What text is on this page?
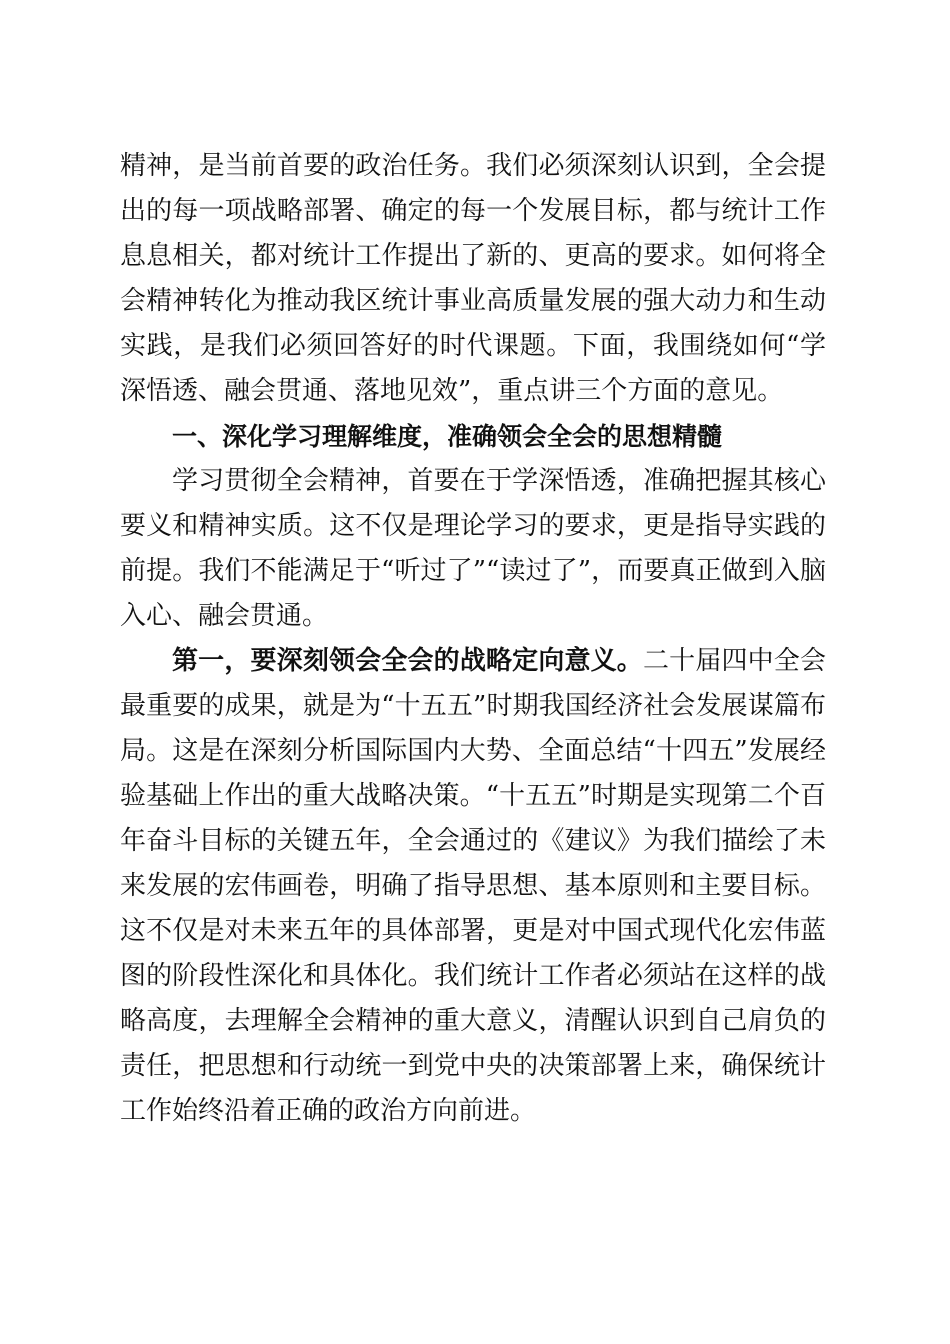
精神，是当前首要的政治任务。我们必须深刻认识到，全会提出的每一项战略部署、确定的每一个发展目标，都与统计工作息息相关，都对统计工作提出了新的、更高的要求。如何将全会精神转化为推动我区统计事业高质量发展的强大动力和生动实践，是我们必须回答好的时代课题。下面，我围绕如何“学深悟透、融会贯通、落地见效”，重点讲三个方面的意见。

一、深化学习理解维度，准确领会全会的思想精髓

学习贯彻全会精神，首要在于学深悟透，准确把握其核心要义和精神实质。这不仅是理论学习的要求，更是指导实践的前提。我们不能满足于“听过了”“读过了”，而要真正做到入脑入心、融会贯通。

第一，要深刻领会全会的战略定向意义。二十届四中全会最重要的成果，就是为“十五五”时期我国经济社会发展谋篇布局。这是在深刻分析国际国内大势、全面总结“十四五”发展经验基础上作出的重大战略决策。“十五五”时期是实现第二个百年奋斗目标的关键五年，全会通过的《建议》为我们描绘了未来发展的宏伟画卷，明确了指导思想、基本原则和主要目标。这不仅是对未来五年的具体部署，更是对中国式现代化宏伟蓝图的阶段性深化和具体化。我们统计工作者必须站在这样的战略高度，去理解全会精神的重大意义，清醒认识到自己肩负的责任，把思想和行动统一到党中央的决策部署上来，确保统计工作始终沿着正确的政治方向前进。
